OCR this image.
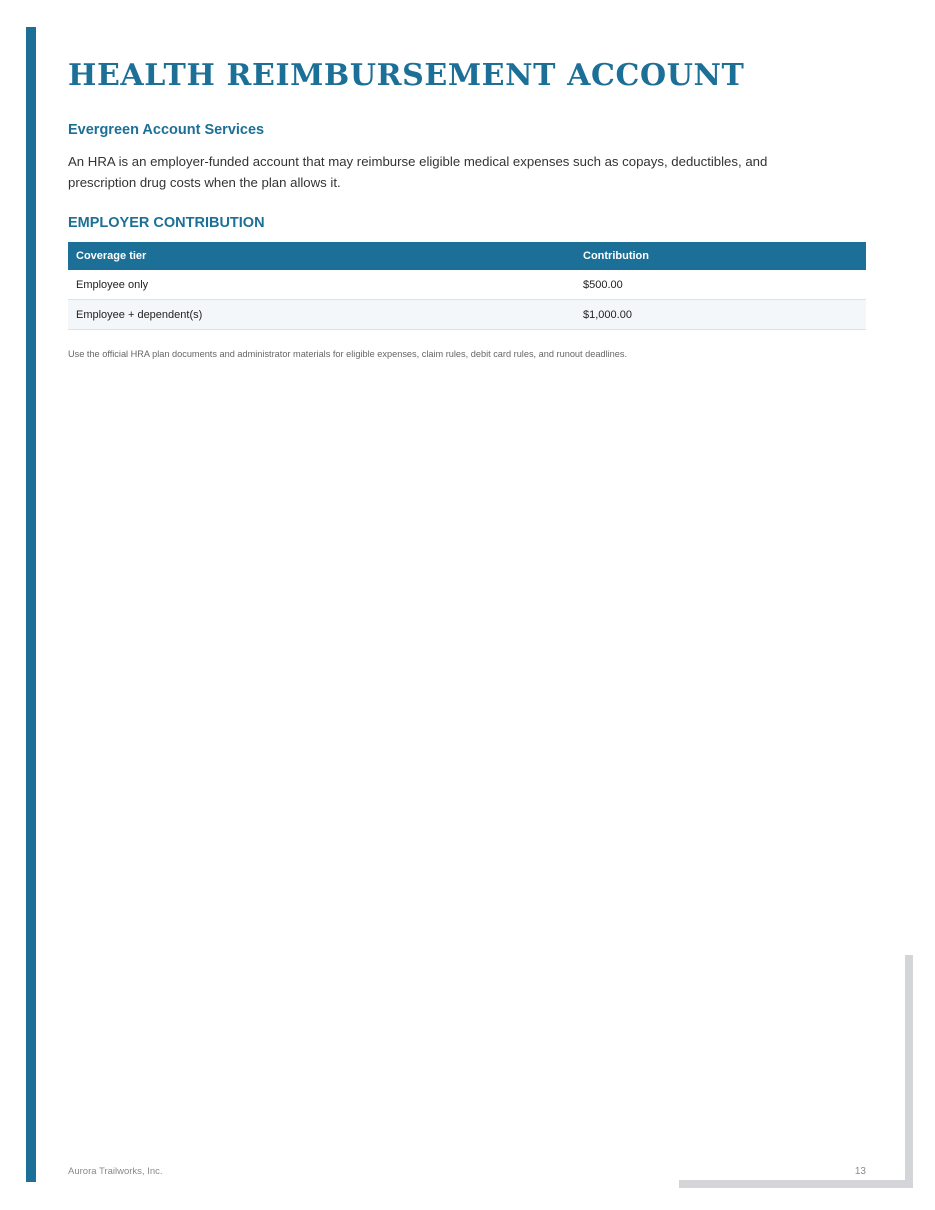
HEALTH REIMBURSEMENT ACCOUNT
Evergreen Account Services

An HRA is an employer-funded account that may reimburse eligible medical expenses such as copays, deductibles, and prescription drug costs when the plan allows it.

EMPLOYER CONTRIBUTION
Coverage tier	Contribution
Employee only	$500.00
Employee + dependent(s)	$1,000.00

Use the official HRA plan documents and administrator materials for eligible expenses, claim rules, debit card rules, and runout deadlines.

Aurora Trailworks, Inc.	13
